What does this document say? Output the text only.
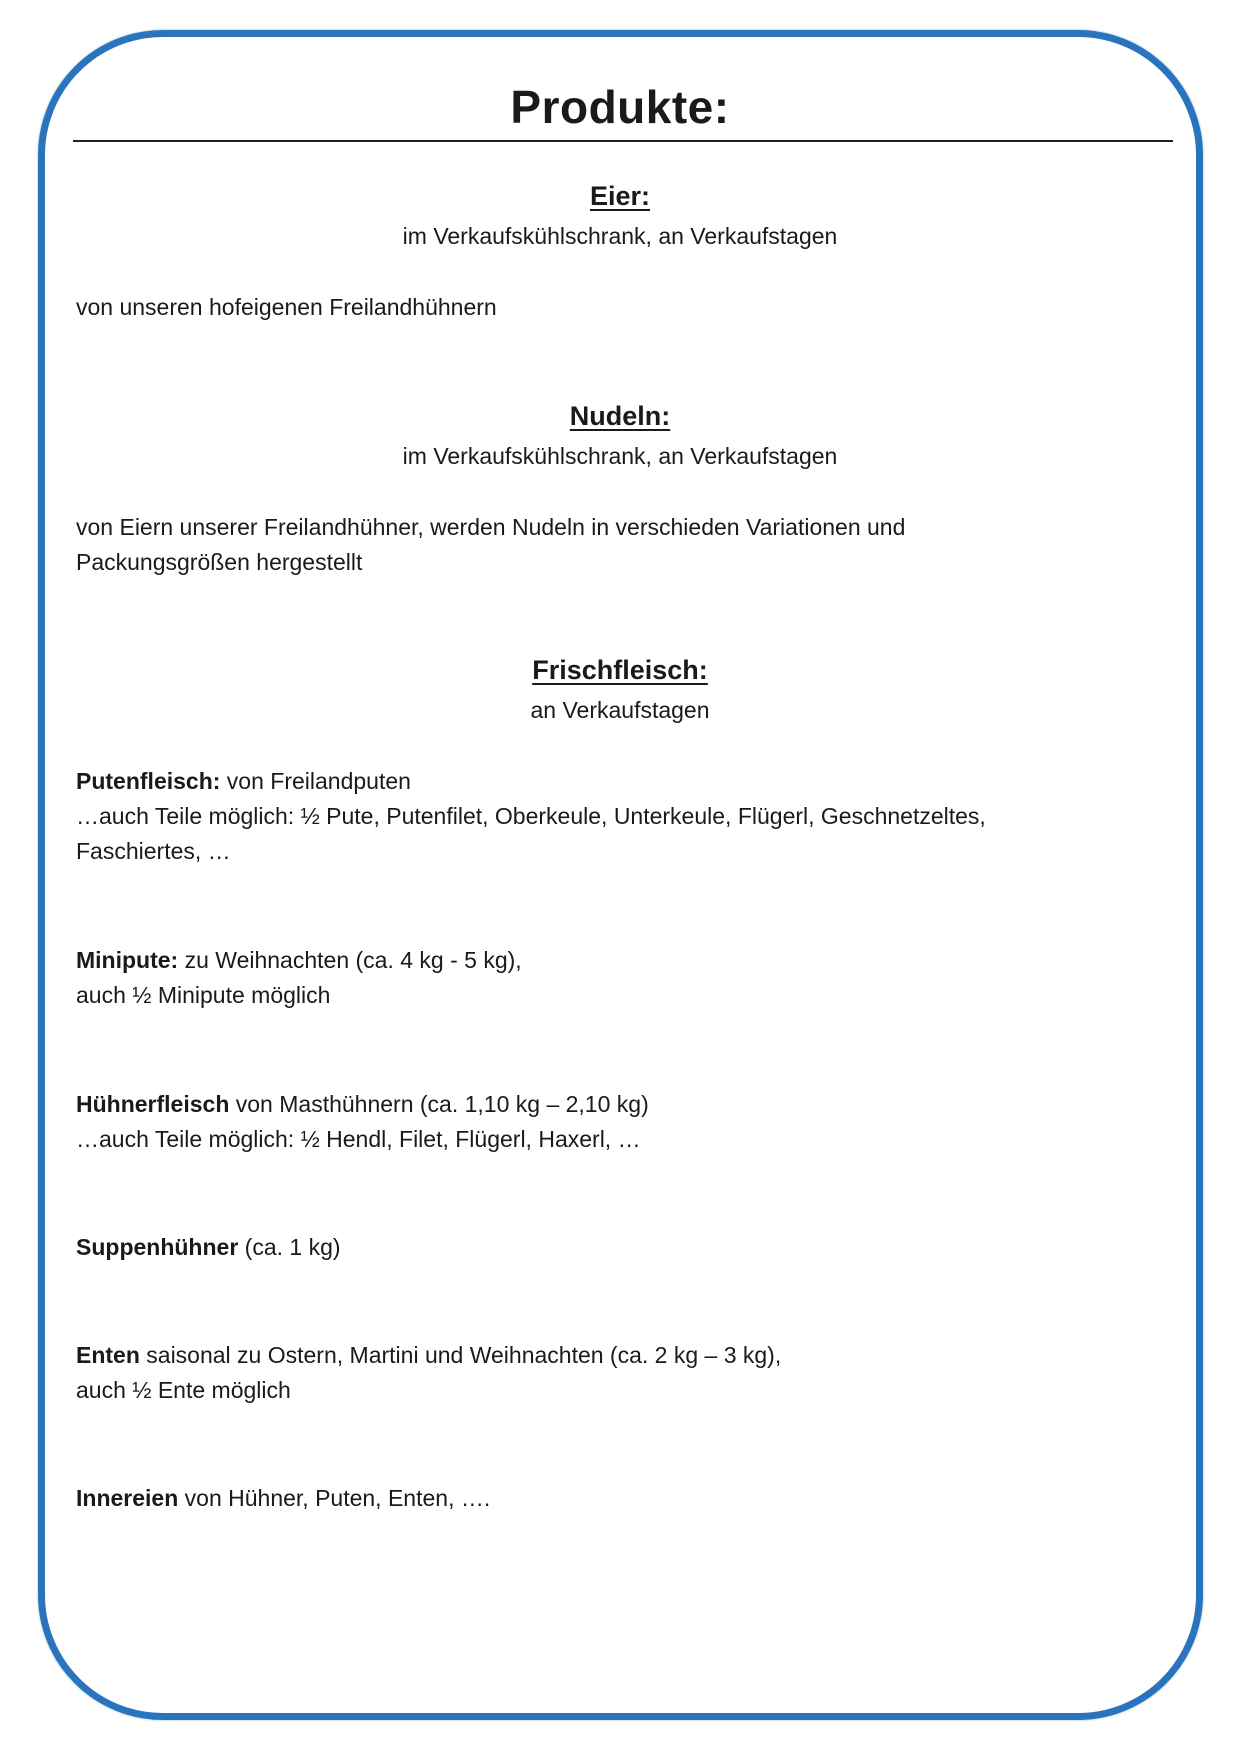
Produkte:
Eier:
im Verkaufskühlschrank, an Verkaufstagen
von unseren hofeigenen Freilandhühnern
Nudeln:
im Verkaufskühlschrank, an Verkaufstagen
von Eiern unserer Freilandhühner, werden Nudeln in verschieden Variationen und
Packungsgrößen hergestellt
Frischfleisch:
an Verkaufstagen
Putenfleisch: von Freilandputen
…auch Teile möglich: ½ Pute, Putenfilet, Oberkeule, Unterkeule, Flügerl, Geschnetzeltes,
Faschiertes, …
Minipute: zu Weihnachten (ca. 4 kg - 5 kg),
auch ½ Minipute möglich
Hühnerfleisch von Masthühnern (ca. 1,10 kg – 2,10 kg)
…auch Teile möglich: ½ Hendl, Filet, Flügerl, Haxerl, …
Suppenhühner (ca. 1 kg)
Enten saisonal zu Ostern, Martini und Weihnachten (ca. 2 kg – 3 kg),
auch ½ Ente möglich
Innereien von Hühner, Puten, Enten, ….
